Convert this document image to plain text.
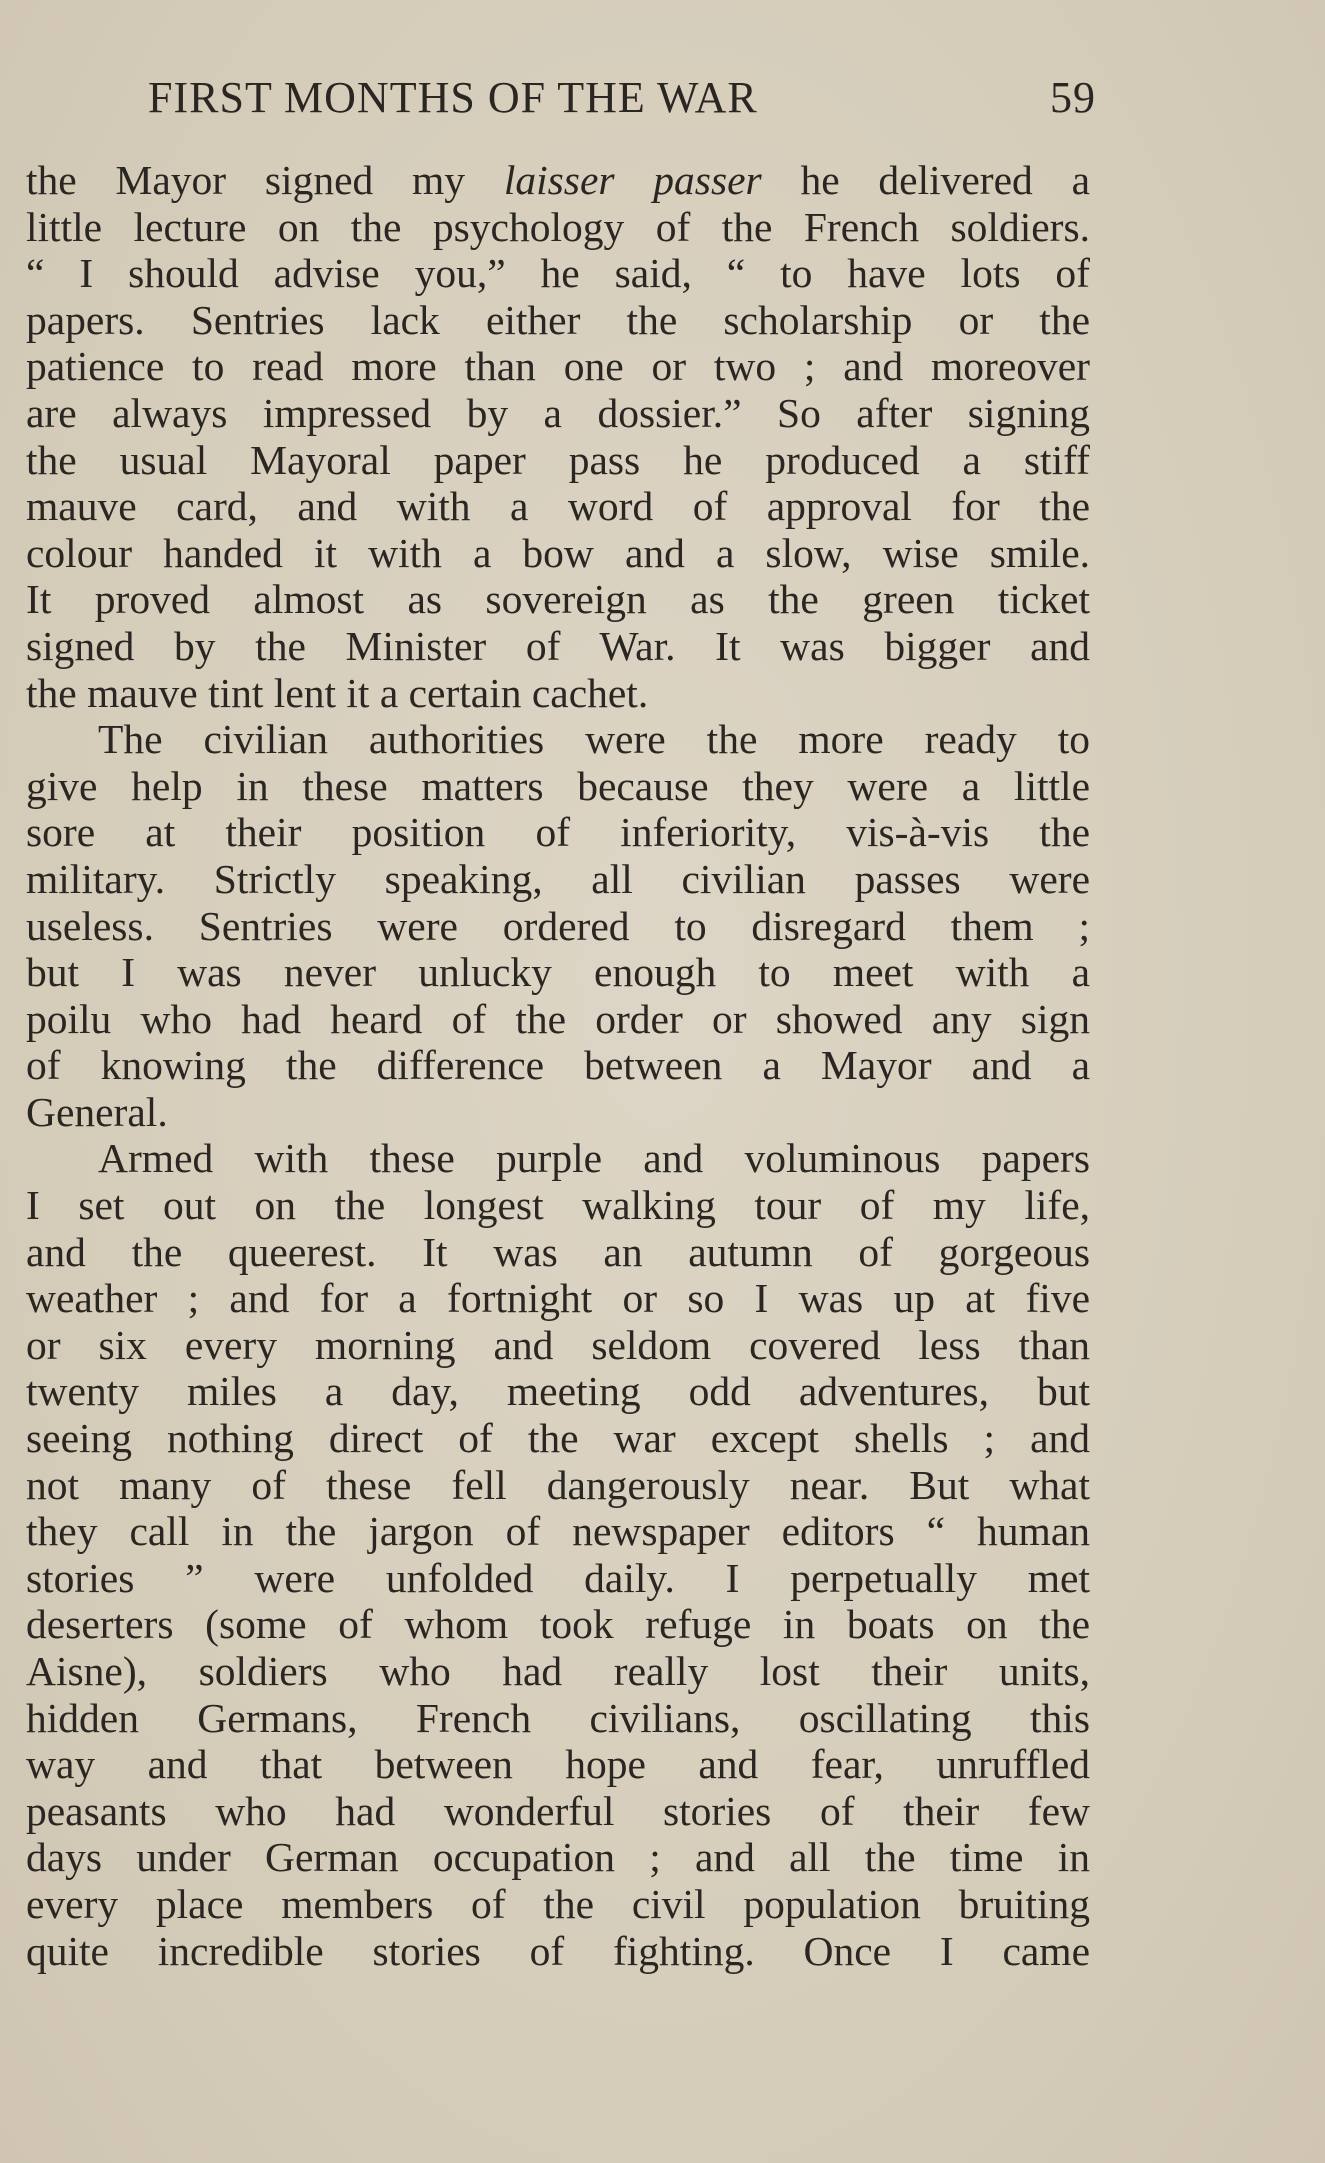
FIRST MONTHS OF THE WAR	59
the Mayor signed my laisser passer he delivered a
little lecture on the psychology of the French soldiers.
“ I should advise you,” he said, “ to have lots of
papers. Sentries lack either the scholarship or the
patience to read more than one or two ; and moreover
are always impressed by a dossier.” So after signing
the usual Mayoral paper pass he produced a stiff
mauve card, and with a word of approval for the
colour handed it with a bow and a slow, wise smile.
It proved almost as sovereign as the green ticket
signed by the Minister of War. It was bigger and
the mauve tint lent it a certain cachet.
The civilian authorities were the more ready to
give help in these matters because they were a little
sore at their position of inferiority, vis-à-vis the
military. Strictly speaking, all civilian passes were
useless. Sentries were ordered to disregard them ;
but I was never unlucky enough to meet with a
poilu who had heard of the order or showed any sign
of knowing the difference between a Mayor and a
General.
Armed with these purple and voluminous papers
I set out on the longest walking tour of my life,
and the queerest. It was an autumn of gorgeous
weather ; and for a fortnight or so I was up at five
or six every morning and seldom covered less than
twenty miles a day, meeting odd adventures, but
seeing nothing direct of the war except shells ; and
not many of these fell dangerously near. But what
they call in the jargon of newspaper editors “ human
stories ” were unfolded daily. I perpetually met
deserters (some of whom took refuge in boats on the
Aisne), soldiers who had really lost their units,
hidden Germans, French civilians, oscillating this
way and that between hope and fear, unruffled
peasants who had wonderful stories of their few
days under German occupation ; and all the time in
every place members of the civil population bruiting
quite incredible stories of fighting. Once I came
